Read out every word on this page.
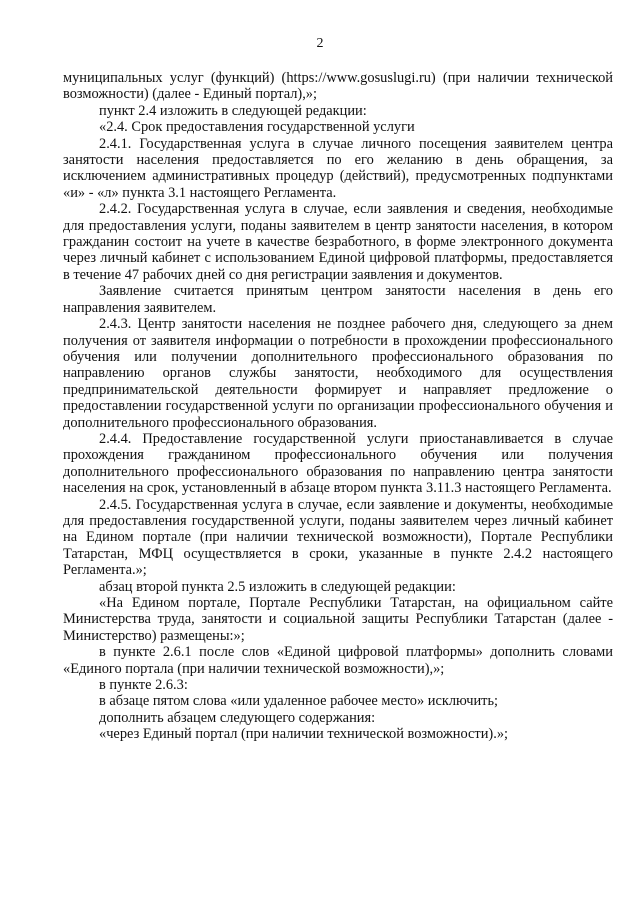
2

муниципальных услуг (функций) (https://www.gosuslugi.ru) (при наличии технической возможности) (далее - Единый портал),»;

пункт 2.4 изложить в следующей редакции:

«2.4. Срок предоставления государственной услуги

2.4.1. Государственная услуга в случае личного посещения заявителем центра занятости населения предоставляется по его желанию в день обращения, за исключением административных процедур (действий), предусмотренных подпунктами «и» - «л» пункта 3.1 настоящего Регламента.

2.4.2. Государственная услуга в случае, если заявления и сведения, необходимые для предоставления услуги, поданы заявителем в центр занятости населения, в котором гражданин состоит на учете в качестве безработного, в форме электронного документа через личный кабинет с использованием Единой цифровой платформы, предоставляется в течение 47 рабочих дней со дня регистрации заявления и документов.

Заявление считается принятым центром занятости населения в день его направления заявителем.

2.4.3. Центр занятости населения не позднее рабочего дня, следующего за днем получения от заявителя информации о потребности в прохождении профессионального обучения или получении дополнительного профессионального образования по направлению органов службы занятости, необходимого для осуществления предпринимательской деятельности формирует и направляет предложение о предоставлении государственной услуги по организации профессионального обучения и дополнительного профессионального образования.

2.4.4. Предоставление государственной услуги приостанавливается в случае прохождения гражданином профессионального обучения или получения дополнительного профессионального образования по направлению центра занятости населения на срок, установленный в абзаце втором пункта 3.11.3 настоящего Регламента.

2.4.5. Государственная услуга в случае, если заявление и документы, необходимые для предоставления государственной услуги, поданы заявителем через личный кабинет на Едином портале (при наличии технической возможности), Портале Республики Татарстан, МФЦ осуществляется в сроки, указанные в пункте 2.4.2 настоящего Регламента.»;

абзац второй пункта 2.5 изложить в следующей редакции:

«На Едином портале, Портале Республики Татарстан, на официальном сайте Министерства труда, занятости и социальной защиты Республики Татарстан (далее - Министерство) размещены:»;

в пункте 2.6.1 после слов «Единой цифровой платформы» дополнить словами «Единого портала (при наличии технической возможности),»;

в пункте 2.6.3:

в абзаце пятом слова «или удаленное рабочее место» исключить;

дополнить абзацем следующего содержания:

«через Единый портал (при наличии технической возможности).»;
